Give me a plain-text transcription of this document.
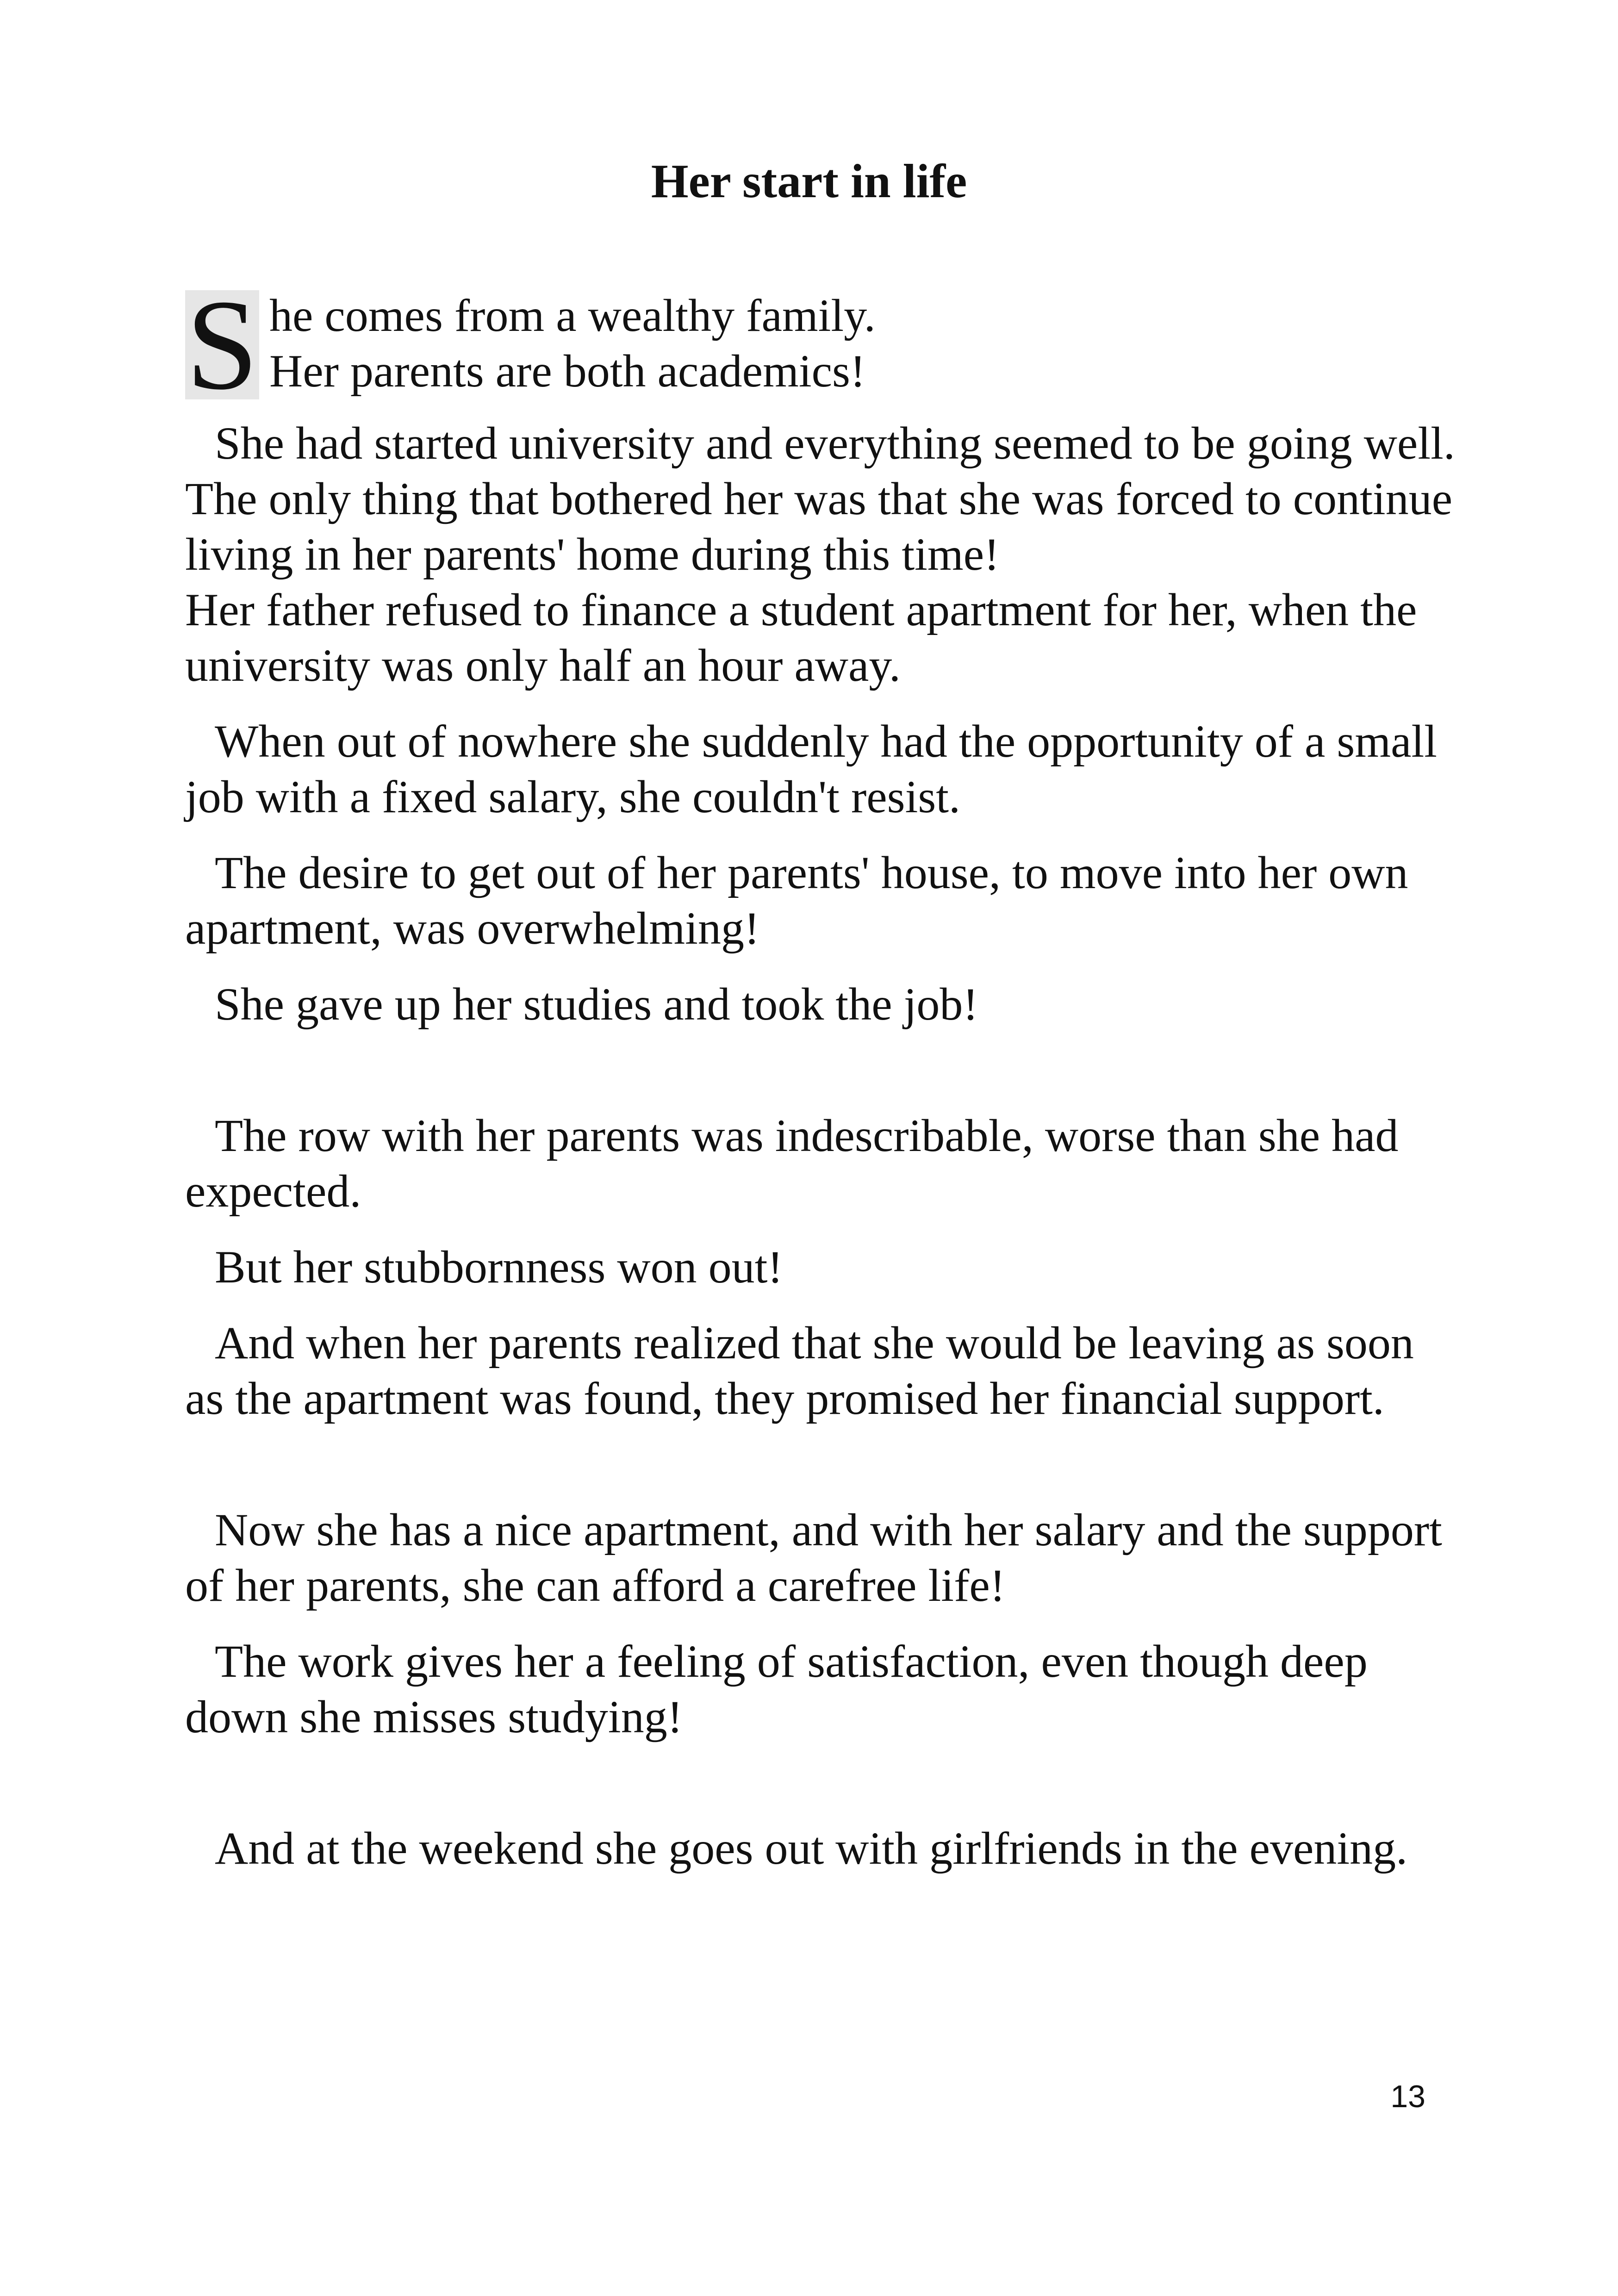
Her start in life
S he comes from a wealthy family.
Her parents are both academics!

She had started university and everything seemed to be going well. The only thing that bothered her was that she was forced to continue living in her parents' home during this time!

Her father refused to finance a student apartment for her, when the university was only half an hour away.

When out of nowhere she suddenly had the opportunity of a small job with a fixed salary, she couldn't resist.

The desire to get out of her parents' house, to move into her own apartment, was overwhelming!

She gave up her studies and took the job!

The row with her parents was indescribable, worse than she had expected.

But her stubbornness won out!

And when her parents realized that she would be leaving as soon as the apartment was found, they promised her financial support.

Now she has a nice apartment, and with her salary and the support of her parents, she can afford a carefree life!

The work gives her a feeling of satisfaction, even though deep down she misses studying!

And at the weekend she goes out with girlfriends in the evening.

13
